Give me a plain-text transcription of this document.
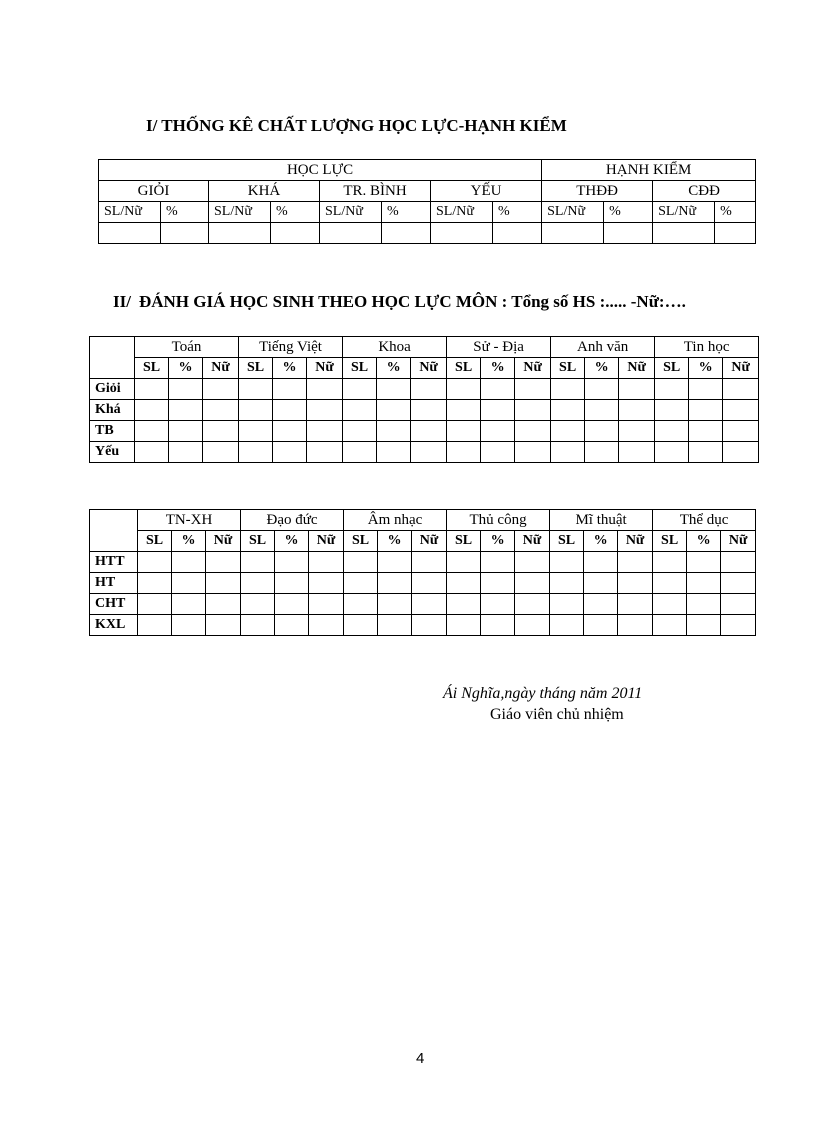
I/ THỐNG KÊ CHẤT LƯỢNG HỌC LỰC-HẠNH KIỂM
HỌC LỰC								HẠNH KIỂM			
GIỎI		KHÁ		TR. BÌNH		YẾU		THĐĐ		CĐĐ	
SL/Nữ	%	SL/Nữ	%	SL/Nữ	%	SL/Nữ	%	SL/Nữ	%	SL/Nữ	%

II/ ĐÁNH GIÁ HỌC SINH THEO HỌC LỰC MÔN : Tổng số HS :..... -Nữ:….
	Toán			Tiếng Việt			Khoa			Sử - Địa			Anh văn			Tin học		
	SL	%	Nữ	SL	%	Nữ	SL	%	Nữ	SL	%	Nữ	SL	%	Nữ	SL	%	Nữ
Giỏi																		
Khá																		
TB																		
Yếu																		
	TN-XH			Đạo đức			Âm nhạc			Thủ công			Mĩ thuật			Thể dục		
	SL	%	Nữ	SL	%	Nữ	SL	%	Nữ	SL	%	Nữ	SL	%	Nữ	SL	%	Nữ
HTT																		
HT																		
CHT																		
KXL																		
Ái Nghĩa,ngày tháng năm 2011
Giáo viên chủ nhiệm
4
